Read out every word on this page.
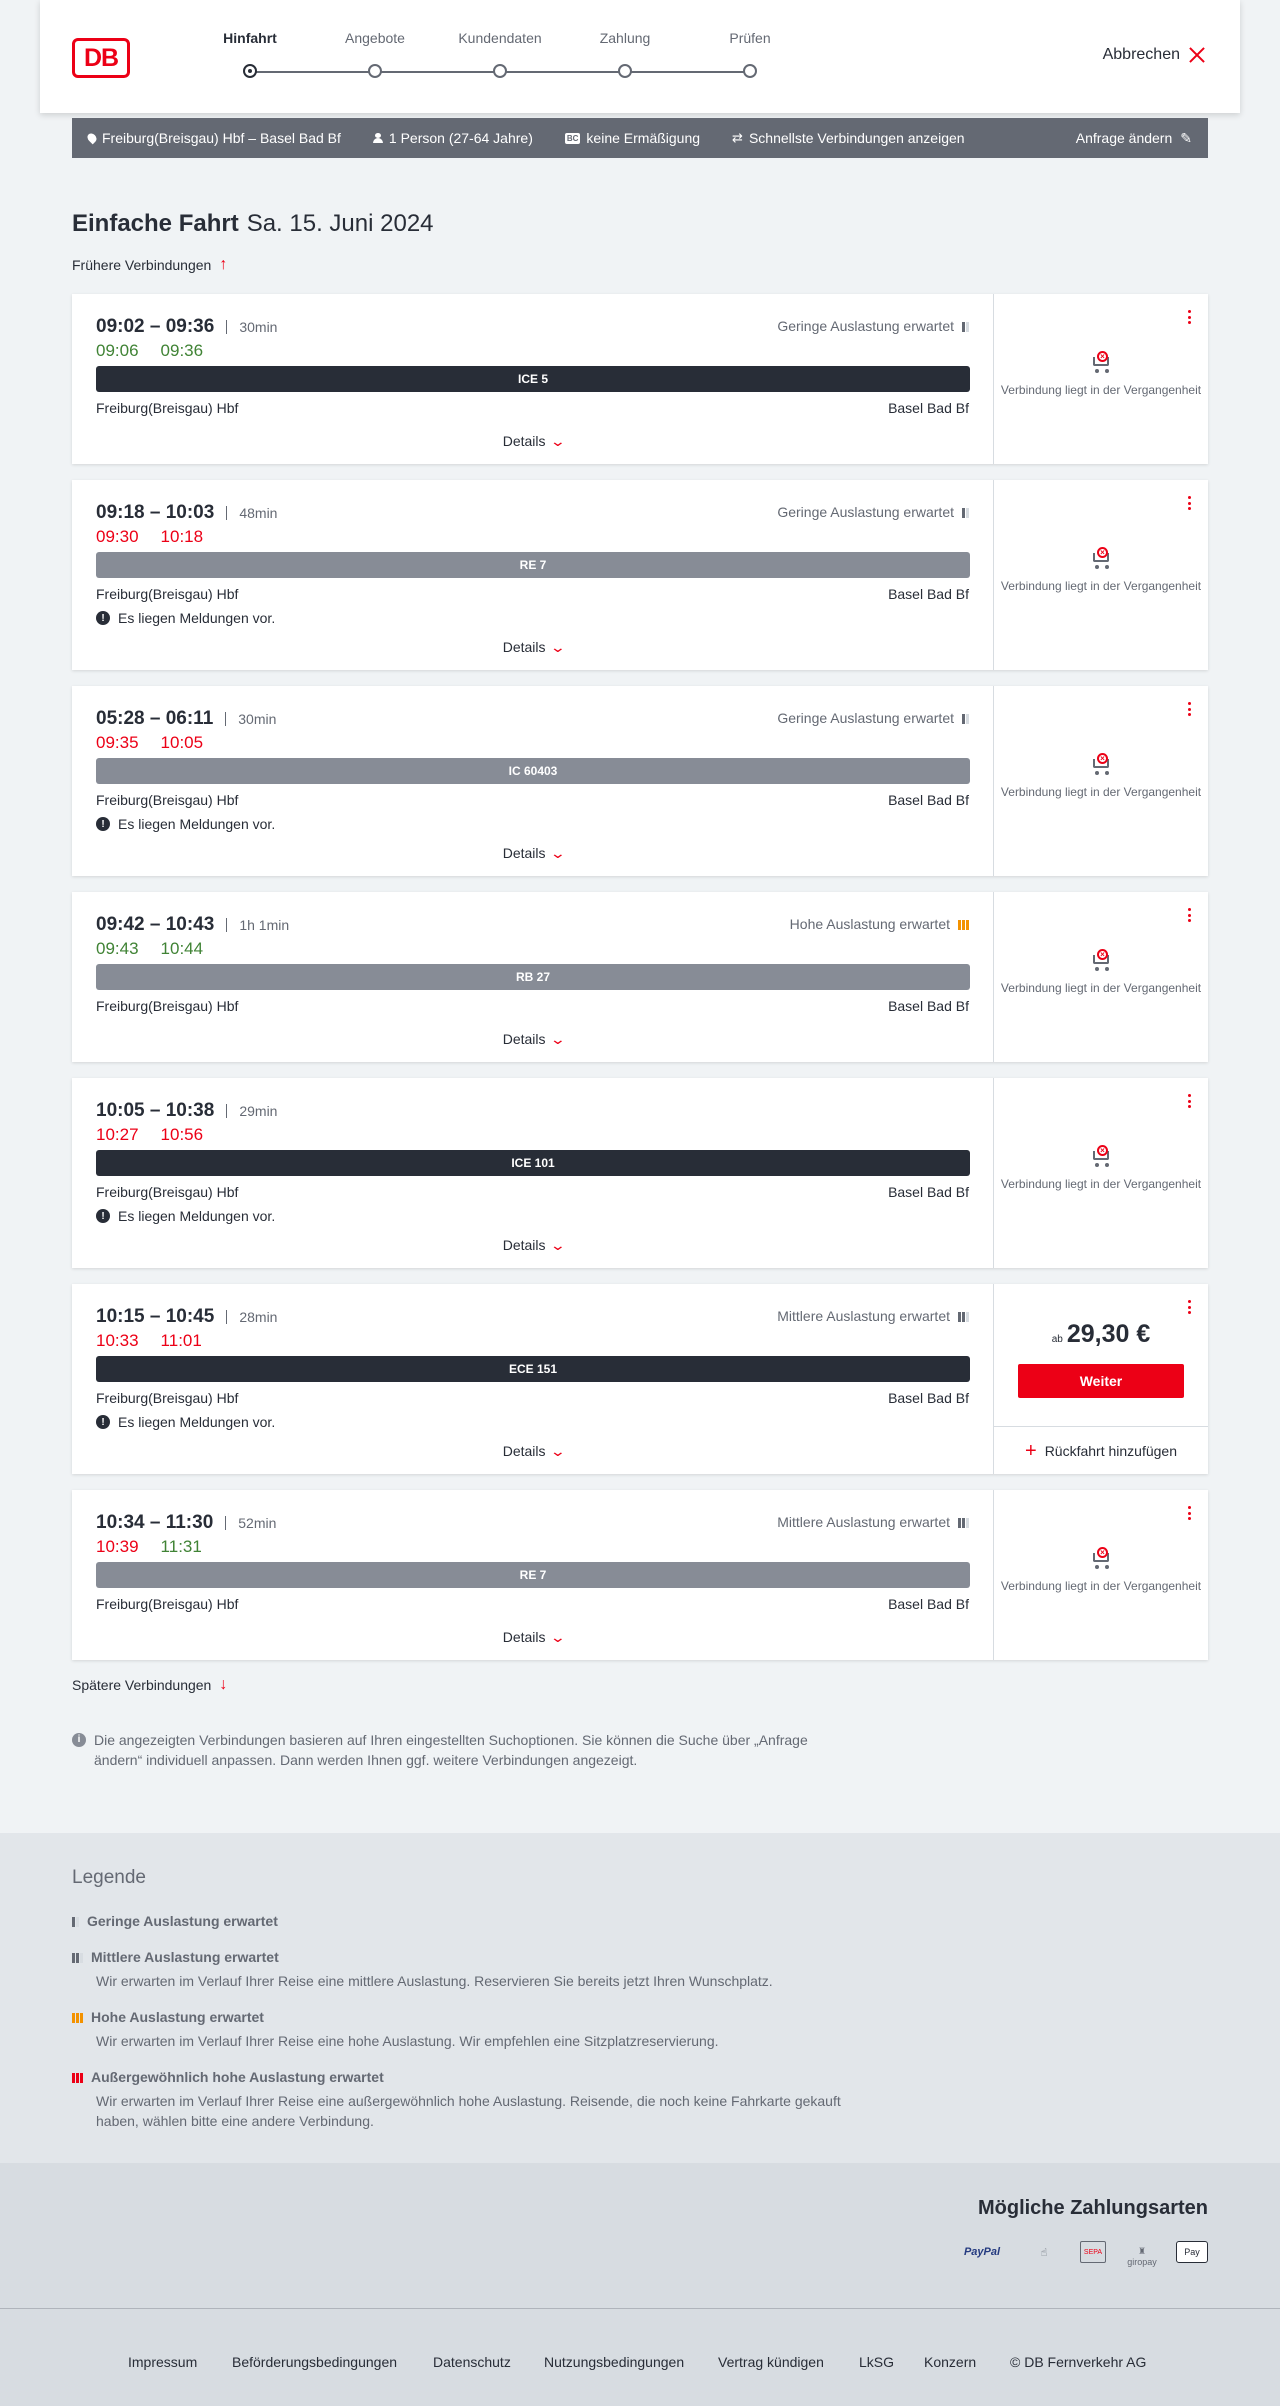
DB
Hinfahrt	Angebote	Kundendaten	Zahlung	Prüfen
Abbrechen
Freiburg(Breisgau) Hbf – Basel Bad Bf	1 Person (27-64 Jahre)	BC keine Ermäßigung ⇄ Schnellste Verbindungen anzeigen	Anfrage ändern ✎
Einfache Fahrt Sa. 15. Juni 2024
Frühere Verbindungen ↑
09:02 – 09:36	30min
09:06 09:36
Geringe Auslastung erwartet
ICE 5
Freiburg(Breisgau) Hbf	Basel Bad Bf
Details ⌄
×
Verbindung liegt in der Vergangenheit
09:18 – 10:03	48min
09:30 10:18
Geringe Auslastung erwartet
RE 7
Freiburg(Breisgau) Hbf	Basel Bad Bf
! Es liegen Meldungen vor.
Details ⌄
×
Verbindung liegt in der Vergangenheit
05:28 – 06:11	30min
09:35 10:05
Geringe Auslastung erwartet
IC 60403
Freiburg(Breisgau) Hbf	Basel Bad Bf
! Es liegen Meldungen vor.
Details ⌄
×
Verbindung liegt in der Vergangenheit
09:42 – 10:43	1h 1min
09:43 10:44
Hohe Auslastung erwartet
RB 27
Freiburg(Breisgau) Hbf	Basel Bad Bf
Details ⌄
×
Verbindung liegt in der Vergangenheit
10:05 – 10:38	29min
10:27 10:56
ICE 101
Freiburg(Breisgau) Hbf	Basel Bad Bf
! Es liegen Meldungen vor.
Details ⌄
×
Verbindung liegt in der Vergangenheit
10:15 – 10:45	28min
10:33 11:01
Mittlere Auslastung erwartet
ECE 151
Freiburg(Breisgau) Hbf	Basel Bad Bf
! Es liegen Meldungen vor.
Details ⌄
ab 29,30 €
Weiter
+ Rückfahrt hinzufügen
10:34 – 11:30	52min
10:39 11:31
Mittlere Auslastung erwartet
RE 7
Freiburg(Breisgau) Hbf	Basel Bad Bf
Details ⌄
×
Verbindung liegt in der Vergangenheit
Spätere Verbindungen ↓
i Die angezeigten Verbindungen basieren auf Ihren eingestellten Suchoptionen. Sie können die Suche über „Anfrage ändern“ individuell anpassen. Dann werden Ihnen ggf. weitere Verbindungen angezeigt.
Legende
Geringe Auslastung erwartet
Mittlere Auslastung erwartet

Wir erwarten im Verlauf Ihrer Reise eine mittlere Auslastung. Reservieren Sie bereits jetzt Ihren Wunschplatz.

Hohe Auslastung erwartet

Wir erwarten im Verlauf Ihrer Reise eine hohe Auslastung. Wir empfehlen eine Sitzplatzreservierung.

Außergewöhnlich hohe Auslastung erwartet

Wir erwarten im Verlauf Ihrer Reise eine außergewöhnlich hohe Auslastung. Reisende, die noch keine Fahrkarte gekauft haben, wählen bitte eine andere Verbindung.

Mögliche Zahlungsarten
PayPal	☝	SEPA	♜
giropay
Pay
Impressum Beförderungsbedingungen	Datenschutz Nutzungsbedingungen Vertrag kündigen	LkSG Konzern © DB Fernverkehr AG
